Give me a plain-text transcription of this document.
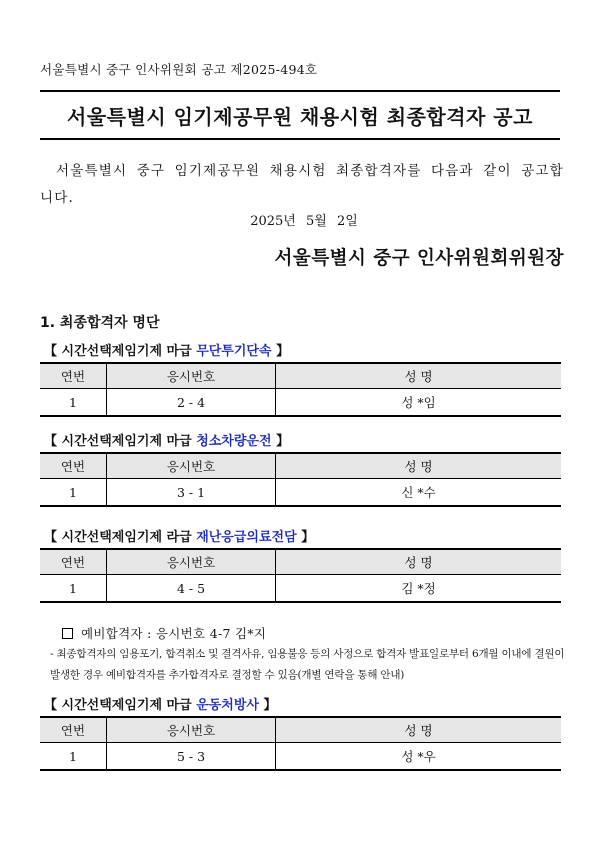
서울특별시 중구 인사위원회 공고 제2025-494호
서울특별시 임기제공무원 채용시험 최종합격자 공고
서울특별시 중구 임기제공무원 채용시험 최종합격자를 다음과 같이 공고합니다.
2025년 5월 2일
서울특별시 중구 인사위원회위원장
1. 최종합격자 명단
【 시간선택제임기제 마급 무단투기단속 】
연번	응시번호	성 명
1	2 - 4	성 *임
【 시간선택제임기제 마급 청소차량운전 】
연번	응시번호	성 명
1	3 - 1	신 *수
【 시간선택제임기제 라급 재난응급의료전담 】
연번	응시번호	성 명
1	4 - 5	김 *정
예비합격자 : 응시번호 4-7 김*지
- 최종합격자의 임용포기, 합격취소 및 결격사유, 임용불응 등의 사정으로 합격자 발표일로부터 6개월 이내에 결원이 발생한 경우 예비합격자를 추가합격자로 결정할 수 있음(개별 연락을 통해 안내)
【 시간선택제임기제 마급 운동처방사 】
연번	응시번호	성 명
1	5 - 3	성 *우
